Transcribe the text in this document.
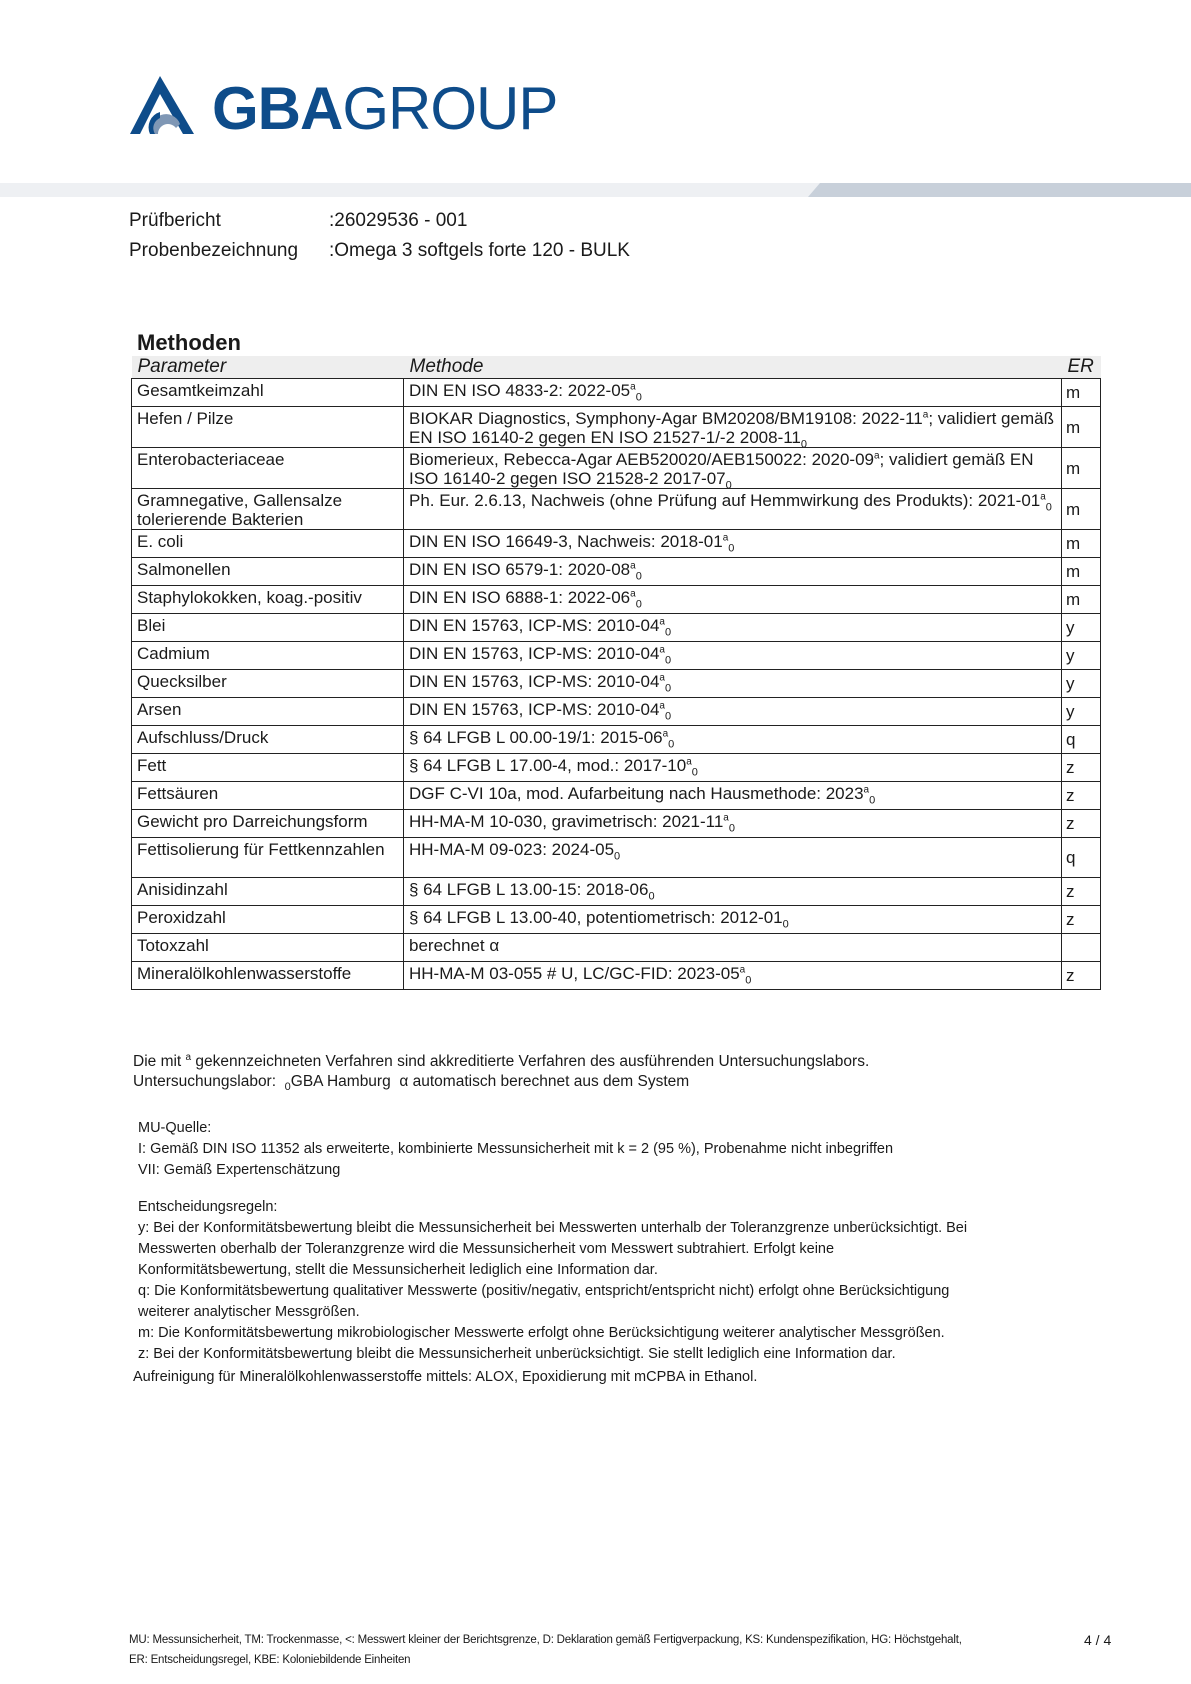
GBAGROUP
Prüfbericht	:26029536 - 001
Probenbezeichnung :Omega 3 softgels forte 120 - BULK
Methoden
Parameter	Methode	ER
Gesamtkeimzahl	DIN EN ISO 4833-2: $2022-05^a_0$	m
Hefen / Pilze	BIOKAR Diagnostics, Symphony-Agar BM20208/BM19108: 2022-11$^a$; validiert gemäß EN ISO 16140-2 gegen EN ISO 21527-1/-2 $2008-11_0$	m
Enterobacteriaceae	Biomerieux, Rebecca-Agar AEB520020/AEB150022: 2020-09$^a$; validiert gemäß EN ISO 16140-2 gegen ISO 21528-2 $2017-07_0$	m
Gramnegative, Gallensalze tolerierende Bakterien	Ph. Eur. 2.6.13, Nachweis (ohne Prüfung auf Hemmwirkung des Produkts): $2021-01^a_0$	m
E. coli	DIN EN ISO 16649-3, Nachweis: $2018-01^a_0$	m
Salmonellen	DIN EN ISO 6579-1: $2020-08^a_0$	m
Staphylokokken, koag.-positiv	DIN EN ISO 6888-1: $2022-06^a_0$	m
Blei	DIN EN 15763, ICP-MS: $2010-04^a_0$	y
Cadmium	DIN EN 15763, ICP-MS: $2010-04^a_0$	y
Quecksilber	DIN EN 15763, ICP-MS: $2010-04^a_0$	y
Arsen	DIN EN 15763, ICP-MS: $2010-04^a_0$	y
Aufschluss/Druck	§ 64 LFGB L 00.00-19/1: $2015-06^a_0$	q
Fett	§ 64 LFGB L 17.00-4, mod.: $2017-10^a_0$	z
Fettsäuren	DGF C-VI 10a, mod. Aufarbeitung nach Hausmethode: $2023^a_0$	z
Gewicht pro Darreichungsform	HH-MA-M 10-030, gravimetrisch: $2021-11^a_0$	z
Fettisolierung für Fettkennzahlen	HH-MA-M 09-023: $2024-05_0$	q
Anisidinzahl	§ 64 LFGB L 13.00-15: $2018-06_0$	z
Peroxidzahl	§ 64 LFGB L 13.00-40, potentiometrisch: $2012-01_0$	z
Totoxzahl	berechnet α	
Mineralölkohlenwasserstoffe	HH-MA-M 03-055 # U, LC/GC-FID: $2023-05^a_0$	z

Die mit $^a$ gekennzeichneten Verfahren sind akkreditierte Verfahren des ausführenden Untersuchungslabors.

Untersuchungslabor: $_0$GBA Hamburg α automatisch berechnet aus dem System

MU-Quelle:

I: Gemäß DIN ISO 11352 als erweiterte, kombinierte Messunsicherheit mit k = 2 (95 %), Probenahme nicht inbegriffen

VII: Gemäß Expertenschätzung

Entscheidungsregeln:

y: Bei der Konformitätsbewertung bleibt die Messunsicherheit bei Messwerten unterhalb der Toleranzgrenze unberücksichtigt. Bei

Messwerten oberhalb der Toleranzgrenze wird die Messunsicherheit vom Messwert subtrahiert. Erfolgt keine

Konformitätsbewertung, stellt die Messunsicherheit lediglich eine Information dar.

q: Die Konformitätsbewertung qualitativer Messwerte (positiv/negativ, entspricht/entspricht nicht) erfolgt ohne Berücksichtigung

weiterer analytischer Messgrößen.

m: Die Konformitätsbewertung mikrobiologischer Messwerte erfolgt ohne Berücksichtigung weiterer analytischer Messgrößen.

z: Bei der Konformitätsbewertung bleibt die Messunsicherheit unberücksichtigt. Sie stellt lediglich eine Information dar.

Aufreinigung für Mineralölkohlenwasserstoffe mittels: ALOX, Epoxidierung mit mCPBA in Ethanol.

MU: Messunsicherheit, TM: Trockenmasse, <: Messwert kleiner der Berichtsgrenze, D: Deklaration gemäß Fertigverpackung, KS: Kundenspezifikation, HG: Höchstgehalt,

ER: Entscheidungsregel, KBE: Koloniebildende Einheiten

4 / 4
